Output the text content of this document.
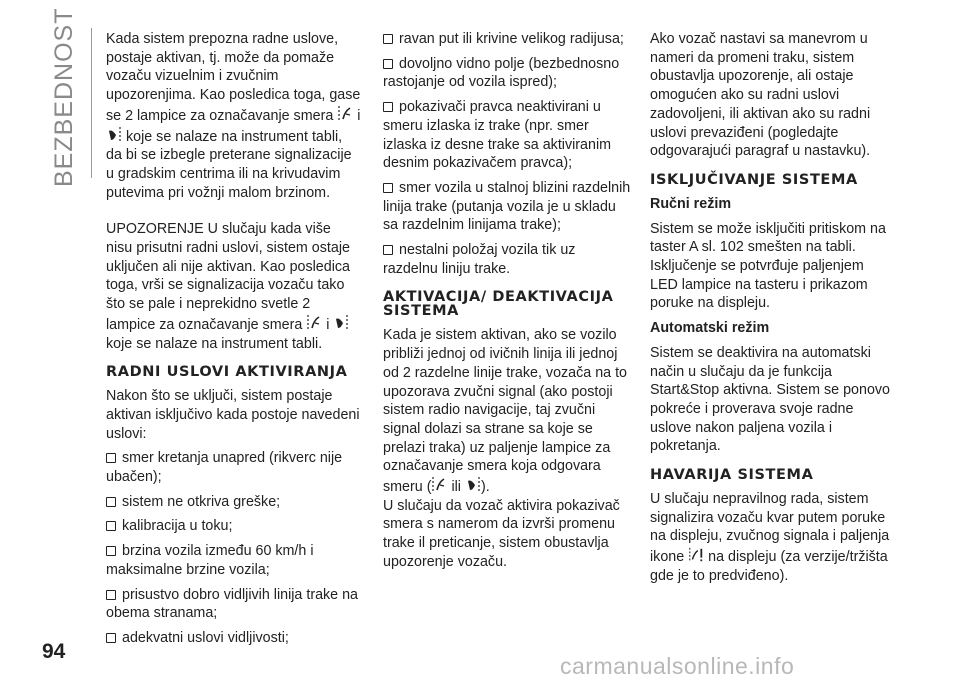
BEZBEDNOST Kada sistem prepozna radne uslove, postaje aktivan, tj. može da pomaže vozaču vizuelnim i zvučnim upozorenjima. Kao posledica toga, gase se 2 lampice za označavanje smera i  koje se nalaze na instrument tabli, da bi se izbegle preterane signalizacije u gradskim centrima ili na krivudavim putevima pri vožnji malom brzinom.

UPOZORENJE U slučaju kada više nisu prisutni radni uslovi, sistem ostaje uključen ali nije aktivan. Kao posledica toga, vrši se signalizacija vozaču tako što se pale i neprekidno svetle 2 lampice za označavanje smera i  koje se nalaze na instrument tabli.

RADNI USLOVI AKTIVIRANJA

Nakon što se uključi, sistem postaje aktivan isključivo kada postoje navedeni uslovi:

smer kretanja unapred (rikverc nije ubačen);

sistem ne otkriva greške;

kalibracija u toku;

brzina vozila između 60 km/h i maksimalne brzine vozila;

prisustvo dobro vidljivih linija trake na obema stranama;

adekvatni uslovi vidljivosti;

ravan put ili krivine velikog radijusa;

dovoljno vidno polje (bezbednosno rastojanje od vozila ispred);

pokazivači pravca neaktivirani u smeru izlaska iz trake (npr. smer izlaska iz desne trake sa aktiviranim desnim pokazivačem pravca);

smer vozila u stalnoj blizini razdelnih linija trake (putanja vozila je u skladu sa razdelnim linijama trake);

nestalni položaj vozila tik uz razdelnu liniju trake.

AKTIVACIJA/ DEAKTIVACIJA SISTEMA

Kada je sistem aktivan, ako se vozilo približi jednoj od ivičnih linija ili jednoj od 2 razdelne linije trake, vozača na to upozorava zvučni signal (ako postoji sistem radio navigacije, taj zvučni signal dolazi sa strane sa koje se prelazi traka) uz paljenje lampice za označavanje smera koja odgovara smeru ( ili ).

U slučaju da vozač aktivira pokazivač smera s namerom da izvrši promenu trake il preticanje, sistem obustavlja upozorenje vozaču.

Ako vozač nastavi sa manevrom u nameri da promeni traku, sistem obustavlja upozorenje, ali ostaje omogućen ako su radni uslovi zadovoljeni, ili aktivan ako su radni uslovi prevaziđeni (pogledajte odgovarajući paragraf u nastavku).

ISKLJUČIVANJE SISTEMA
Ručni režim

Sistem se može isključiti pritiskom na taster A sl. 102 smešten na tabli. Isključenje se potvrđuje paljenjem LED lampice na tasteru i prikazom poruke na displeju.

Automatski režim

Sistem se deaktivira na automatski način u slučaju da je funkcija Start&Stop aktivna. Sistem se ponovo pokreće i proverava svoje radne uslove nakon paljena vozila i pokretanja.

HAVARIJA SISTEMA

U slučaju nepravilnog rada, sistem signalizira vozaču kvar putem poruke na displeju, zvučnog signala i paljenja ikone na displeju (za verzije/tržišta gde je to predviđeno).

94
carmanualsonline.info
